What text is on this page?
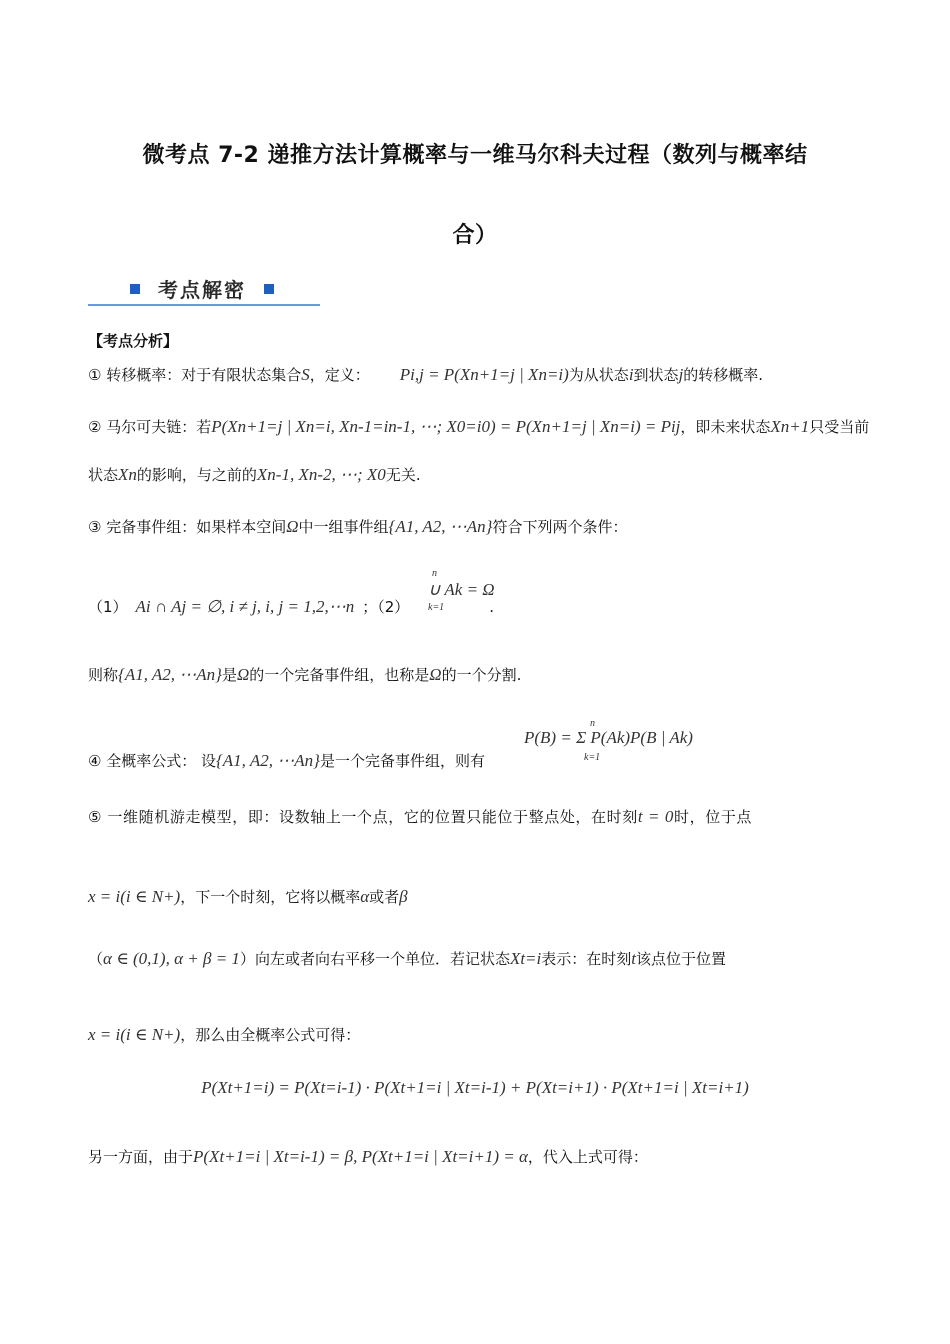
微考点 7-2 递推方法计算概率与一维马尔科夫过程（数列与概率结
合）
考点解密
【考点分析】
① 转移概率：对于有限状态集合S，定义： Pi,j = P(Xn+1=j | Xn=i)为从状态i到状态j的转移概率.
② 马尔可夫链：若P(Xn+1=j | Xn=i, Xn-1=in-1, ⋯; X0=i0) = P(Xn+1=j | Xn=i) = Pij，即未来状态Xn+1只受当前
状态Xn的影响，与之前的Xn-1, Xn-2, ⋯; X0无关.
③ 完备事件组：如果样本空间Ω中一组事件组{A1, A2, ⋯An}符合下列两个条件：
（1） Ai ∩ Aj = ∅, i ≠ j, i, j = 1,2,⋯n ；（2）	.
n
∪ Ak = Ω
k=1
则称{A1, A2, ⋯An}是Ω的一个完备事件组，也称是Ω的一个分割.
④ 全概率公式： 设{A1, A2, ⋯An}是一个完备事件组，则有
n
P(B) = Σ P(Ak)P(B | Ak)
k=1
⑤ 一维随机游走模型，即：设数轴上一个点，它的位置只能位于整点处，在时刻t = 0时，位于点
x = i(i ∈ N+)，下一个时刻，它将以概率α或者β
（α ∈ (0,1), α + β = 1）向左或者向右平移一个单位．若记状态Xt=i表示：在时刻t该点位于位置
x = i(i ∈ N+)，那么由全概率公式可得：
P(Xt+1=i) = P(Xt=i-1) · P(Xt+1=i | Xt=i-1) + P(Xt=i+1) · P(Xt+1=i | Xt=i+1)
另一方面，由于P(Xt+1=i | Xt=i-1) = β, P(Xt+1=i | Xt=i+1) = α，代入上式可得：
